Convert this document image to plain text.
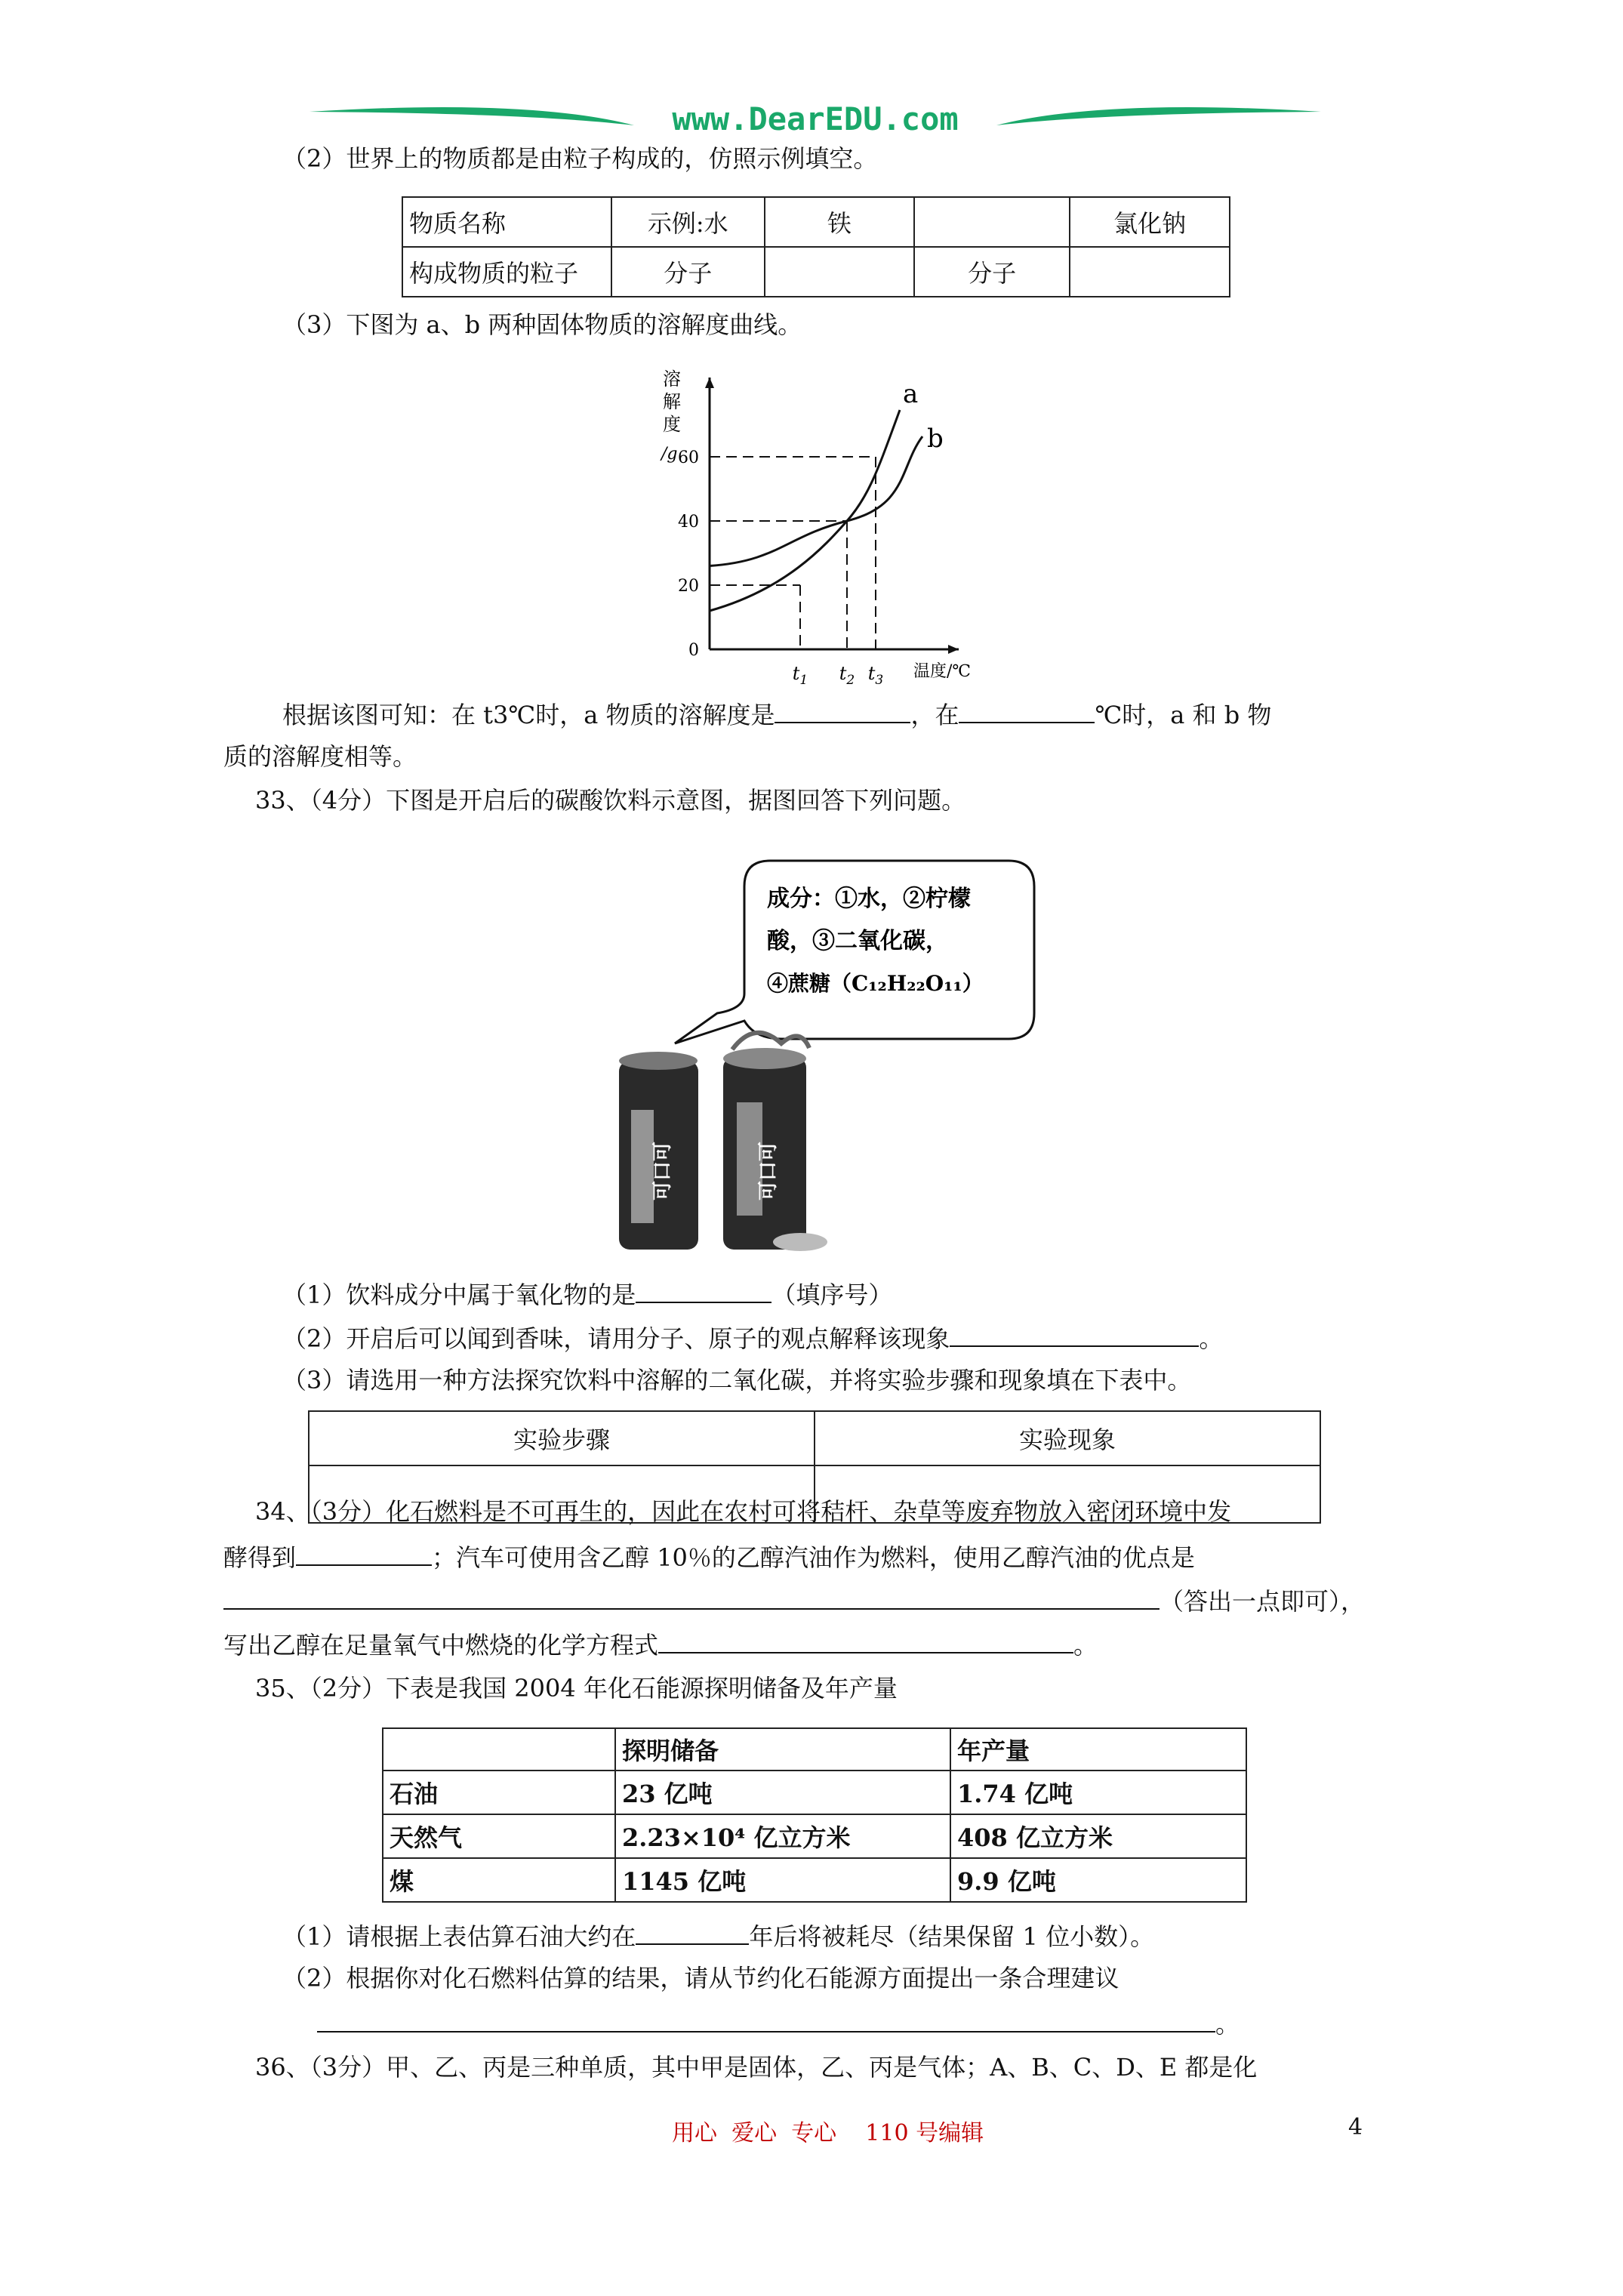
www.DearEDU.com
（2）世界上的物质都是由粒子构成的，仿照示例填空。
物质名称	示例:水	铁		氯化钠
构成物质的粒子	分子		分子	
（3）下图为 a、b 两种固体物质的溶解度曲线。
溶
解
度
/g 60
40
20
0
$t_1$ $t_2$ $t_3$ 温度/℃
a
b
根据该图可知：在 t3℃时，a 物质的溶解度是	，在	℃时，a 和 b 物
质的溶解度相等。
33、（4分）下图是开启后的碳酸饮料示意图，据图回答下列问题。
成分：①水，②柠檬
酸，③二氧化碳，
④蔗糖（C₁₂H₂₂O₁₁）
可口可	可口可
（1）饮料成分中属于氧化物的是	（填序号）
（2）开启后可以闻到香味，请用分子、原子的观点解释该现象	。
（3）请选用一种方法探究饮料中溶解的二氧化碳，并将实验步骤和现象填在下表中。
实验步骤	实验现象

34、（3分）化石燃料是不可再生的，因此在农村可将秸杆、杂草等废弃物放入密闭环境中发
酵得到	；汽车可使用含乙醇 10％的乙醇汽油作为燃料，使用乙醇汽油的优点是
（答出一点即可），
写出乙醇在足量氧气中燃烧的化学方程式	。
35、（2分）下表是我国 2004 年化石能源探明储备及年产量
	探明储备	年产量
石油	23 亿吨	1.74 亿吨
天然气	2.23×10⁴ 亿立方米	408 亿立方米
煤	1145 亿吨	9.9 亿吨
（1）请根据上表估算石油大约在	年后将被耗尽（结果保留 1 位小数）。
（2）根据你对化石燃料估算的结果，请从节约化石能源方面提出一条合理建议
。
36、（3分）甲、乙、丙是三种单质，其中甲是固体，乙、丙是气体；A、B、C、D、E 都是化
用心  爱心  专心    110 号编辑	4
